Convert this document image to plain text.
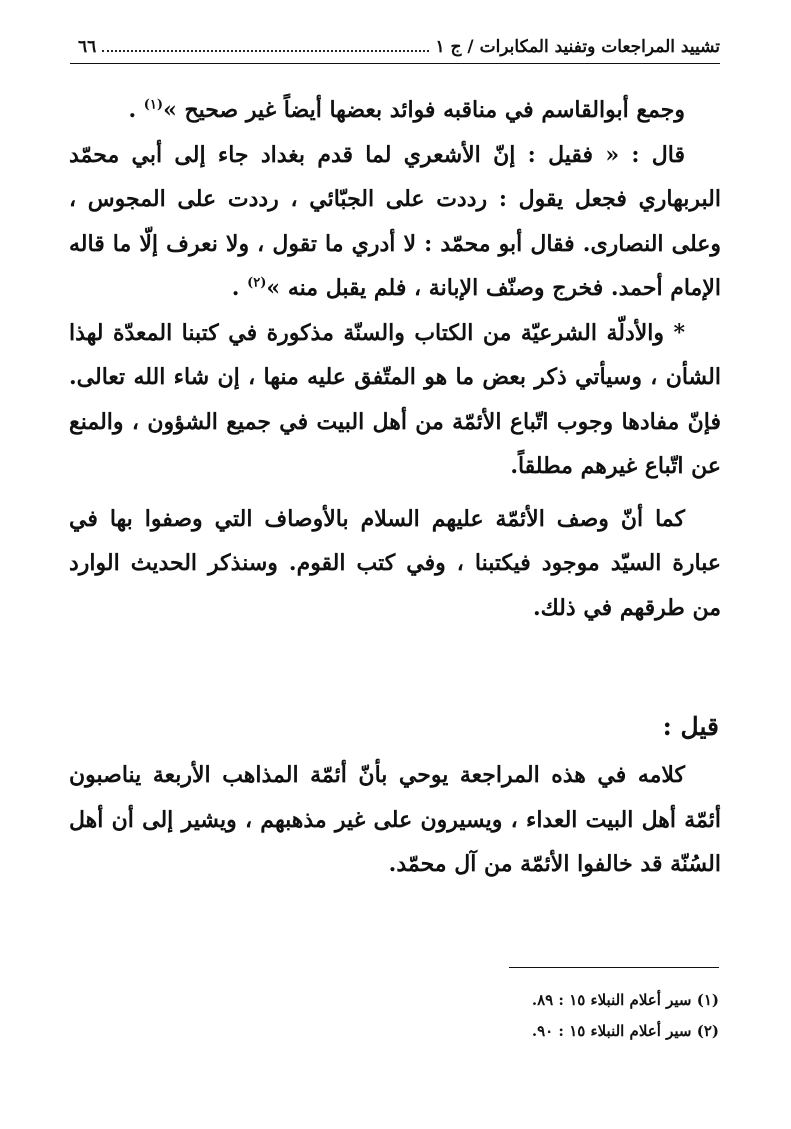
تشييد المراجعات وتفنيد المكابرات / ج ١
٦٦

وجمع أبوالقاسم في مناقبه فوائد بعضها أيضاً غير صحيح »$^{(١)}$ .

قال : « فقيل : إنّ الأشعري لما قدم بغداد جاء إلى أبي محمّد البربهاري فجعل يقول : رددت على الجبّائي ، رددت على المجوس ، وعلى النصارى. فقال أبو محمّد : لا أدري ما تقول ، ولا نعرف إلّا ما قاله الإمام أحمد. فخرج وصنّف الإبانة ، فلم يقبل منه »$^{(٢)}$ .

* والأدلّة الشرعيّة من الكتاب والسنّة مذكورة في كتبنا المعدّة لهذا الشأن ، وسيأتي ذكر بعض ما هو المتّفق عليه منها ، إن شاء الله تعالى. فإنّ مفادها وجوب اتّباع الأئمّة من أهل البيت في جميع الشؤون ، والمنع عن اتّباع غيرهم مطلقاً.

كما أنّ وصف الأئمّة عليهم السلام بالأوصاف التي وصفوا بها في عبارة السيّد موجود فيكتبنا ، وفي كتب القوم. وسنذكر الحديث الوارد من طرقهم في ذلك.

قيل :

كلامه في هذه المراجعة يوحي بأنّ أئمّة المذاهب الأربعة يناصبون أئمّة أهل البيت العداء ، ويسيرون على غير مذهبهم ، ويشير إلى أن أهل السُنّة قد خالفوا الأئمّة من آل محمّد.

(١) سير أعلام النبلاء ١٥ : ٨٩.
(٢) سير أعلام النبلاء ١٥ : ٩٠.
